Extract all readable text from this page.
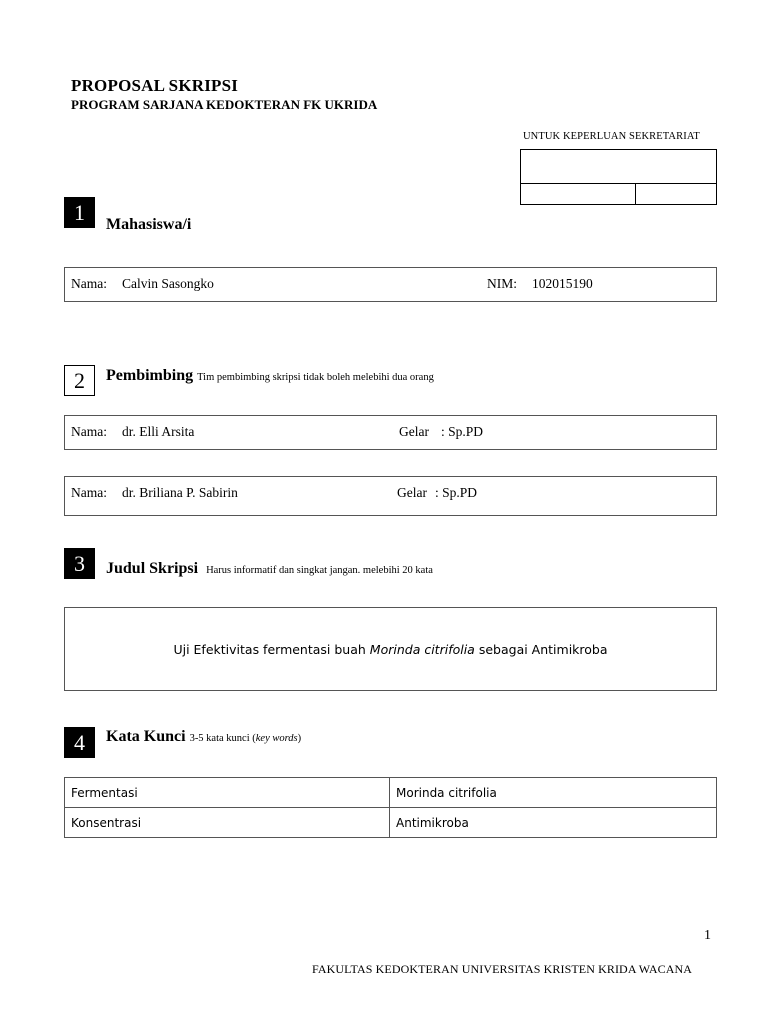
PROPOSAL SKRIPSI
PROGRAM SARJANA KEDOKTERAN FK UKRIDA
UNTUK KEPERLUAN SEKRETARIAT
1	Mahasiswa/i
Nama: Calvin Sasongko	NIM: 102015190
2	Pembimbing Tim pembimbing skripsi tidak boleh melebihi dua orang
Nama: dr. Elli Arsita	Gelar : Sp.PD
Nama: dr. Briliana P. Sabirin	Gelar : Sp.PD
3	Judul Skripsi Harus informatif dan singkat jangan. melebihi 20 kata
Uji Efektivitas fermentasi buah Morinda citrifolia sebagai Antimikroba
4	Kata Kunci 3-5 kata kunci (key words)
Fermentasi	Morinda citrifolia
Konsentrasi	Antimikroba
1
FAKULTAS KEDOKTERAN UNIVERSITAS KRISTEN KRIDA WACANA
